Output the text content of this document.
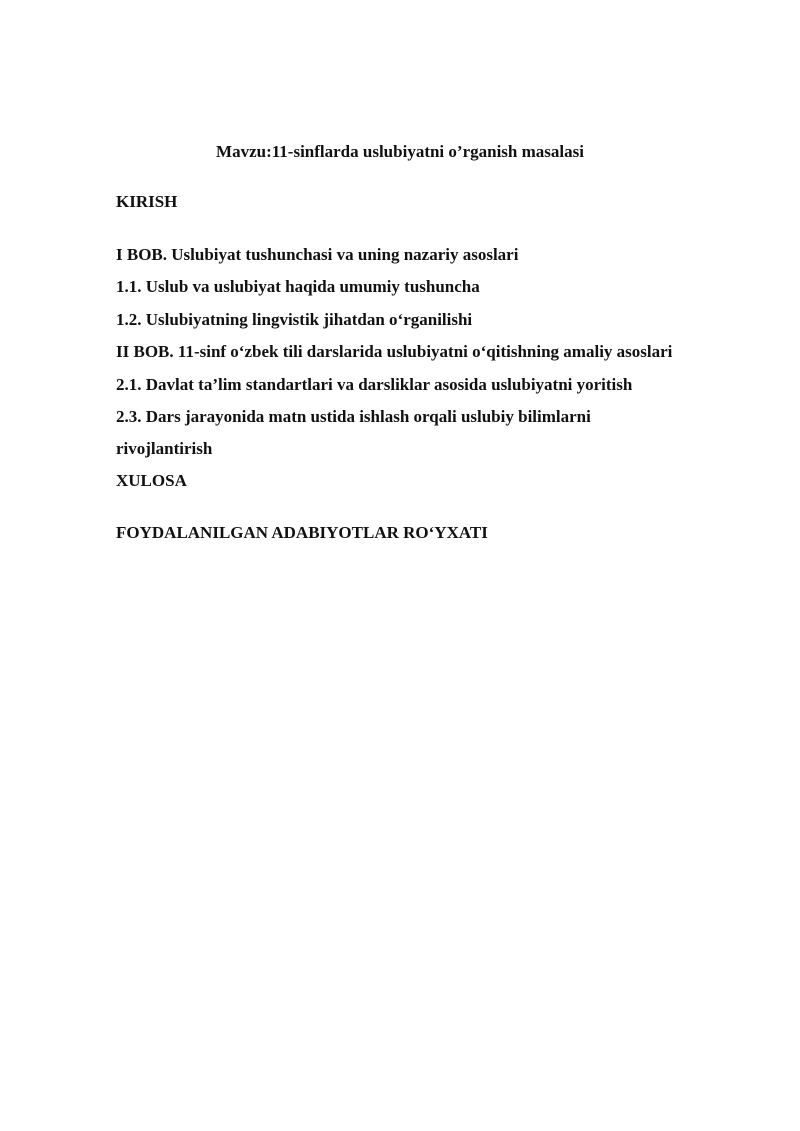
Mavzu:11-sinflarda uslubiyatni o’rganish masalasi
KIRISH
I BOB. Uslubiyat tushunchasi va uning nazariy asoslari
1.1. Uslub va uslubiyat haqida umumiy tushuncha
1.2. Uslubiyatning lingvistik jihatdan o‘rganilishi
II BOB. 11-sinf o‘zbek tili darslarida uslubiyatni o‘qitishning amaliy asoslari
2.1. Davlat ta’lim standartlari va darsliklar asosida uslubiyatni yoritish
2.3. Dars jarayonida matn ustida ishlash orqali uslubiy bilimlarni
rivojlantirish
XULOSA
FOYDALANILGAN ADABIYOTLAR RO‘YXATI
